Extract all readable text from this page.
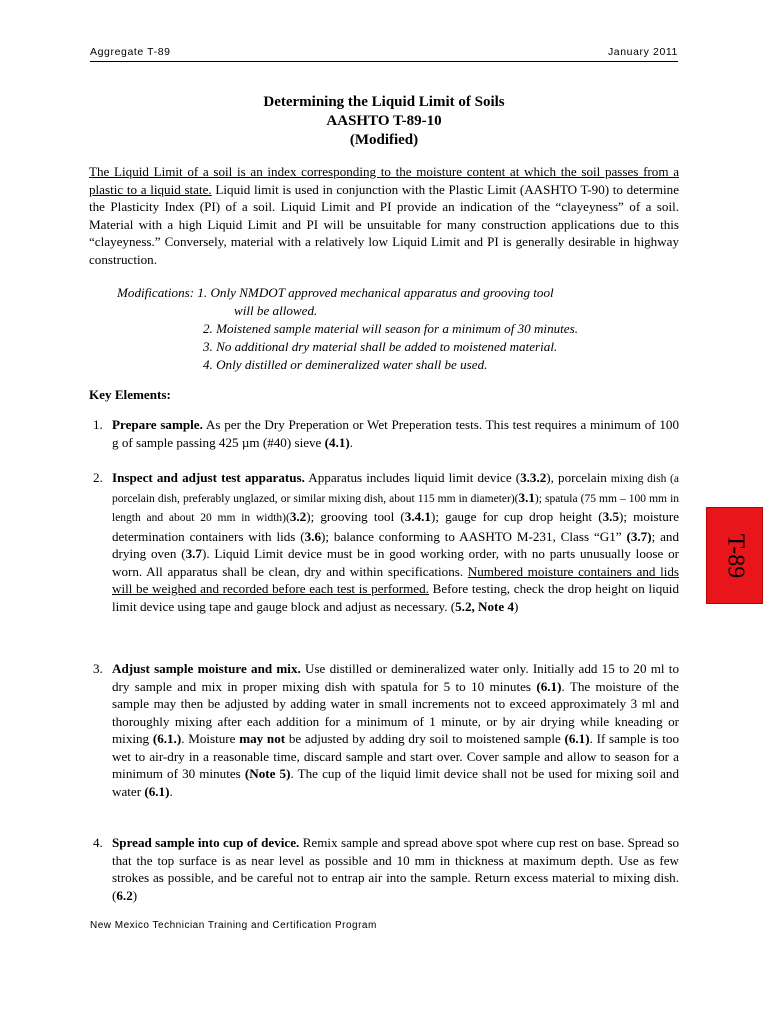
Aggregate T-89	January 2011
Determining the Liquid Limit of Soils
AASHTO T-89-10
(Modified)

The Liquid Limit of a soil is an index corresponding to the moisture content at which the soil passes from a plastic to a liquid state. Liquid limit is used in conjunction with the Plastic Limit (AASHTO T-90) to determine the Plasticity Index (PI) of a soil. Liquid Limit and PI provide an indication of the “clayeyness” of a soil. Material with a high Liquid Limit and PI will be unsuitable for many construction applications due to this “clayeyness.” Conversely, material with a relatively low Liquid Limit and PI is generally desirable in highway construction.

Modifications: 1. Only NMDOT approved mechanical apparatus and grooving tool
will be allowed.
2. Moistened sample material will season for a minimum of 30 minutes.
3. No additional dry material shall be added to moistened material.
4. Only distilled or demineralized water shall be used.
Key Elements:
1. Prepare sample. As per the Dry Preperation or Wet Preperation tests. This test requires a minimum of 100 g of sample passing 425 µm (#40) sieve (4.1).
2. Inspect and adjust test apparatus. Apparatus includes liquid limit device (3.3.2), porcelain mixing dish (a porcelain dish, preferably unglazed, or similar mixing dish, about 115 mm in diameter)(3.1); spatula (75 mm – 100 mm in length and about 20 mm in width)(3.2); grooving tool (3.4.1); gauge for cup drop height (3.5); moisture determination containers with lids (3.6); balance conforming to AASHTO M-231, Class “G1” (3.7); and drying oven (3.7). Liquid Limit device must be in good working order, with no parts unusually loose or worn. All apparatus shall be clean, dry and within specifications. Numbered moisture containers and lids will be weighed and recorded before each test is performed. Before testing, check the drop height on liquid limit device using tape and gauge block and adjust as necessary. (5.2, Note 4)
3. Adjust sample moisture and mix. Use distilled or demineralized water only. Initially add 15 to 20 ml to dry sample and mix in proper mixing dish with spatula for 5 to 10 minutes (6.1). The moisture of the sample may then be adjusted by adding water in small increments not to exceed approximately 3 ml and thoroughly mixing after each addition for a minimum of 1 minute, or by air drying while kneading or mixing (6.1.). Moisture may not be adjusted by adding dry soil to moistened sample (6.1). If sample is too wet to air-dry in a reasonable time, discard sample and start over. Cover sample and allow to season for a minimum of 30 minutes (Note 5). The cup of the liquid limit device shall not be used for mixing soil and water (6.1).
4. Spread sample into cup of device. Remix sample and spread above spot where cup rest on base. Spread so that the top surface is as near level as possible and 10 mm in thickness at maximum depth. Use as few strokes as possible, and be careful not to entrap air into the sample. Return excess material to mixing dish. (6.2)
T-89
New Mexico Technician Training and Certification Program
